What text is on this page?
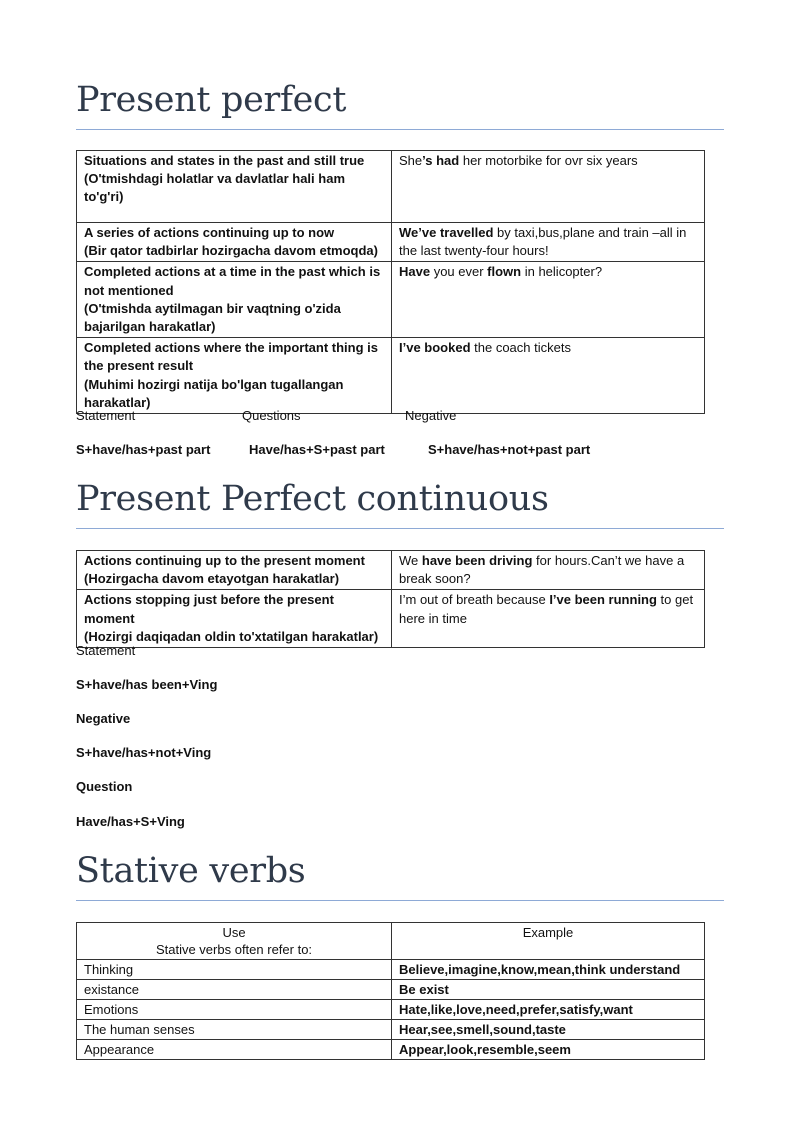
Present perfect
Situations and states in the past and still true
(O'tmishdagi holatlar va davlatlar hali ham to'g'ri)	She’s had her motorbike for ovr six years

A series of actions continuing up to now
(Bir qator tadbirlar hozirgacha davom etmoqda)	We’ve travelled by taxi,bus,plane and train –all in the last twenty-four hours!

Completed actions at a time in the past which is not mentioned
(O'tmishda aytilmagan bir vaqtning o'zida bajarilgan harakatlar)	Have you ever flown in helicopter?

Completed actions where the important thing is the present result
(Muhimi hozirgi natija bo'lgan tugallangan harakatlar)	I’ve booked the coach tickets
Statement	Questions	Negative
S+have/has+past part	Have/has+S+past part	S+have/has+not+past part
Present Perfect continuous
Actions continuing up to the present moment
(Hozirgacha davom etayotgan harakatlar)	We have been driving for hours.Can’t we have a break soon?

Actions stopping just before the present moment
(Hozirgi daqiqadan oldin to'xtatilgan harakatlar)	I’m out of breath because I’ve been running to get here in time

Statement

S+have/has been+Ving

Negative

S+have/has+not+Ving

Question

Have/has+S+Ving

Stative verbs
Use
Stative verbs often refer to:	Example
Thinking	Believe,imagine,know,mean,think understand
existance	Be exist
Emotions	Hate,like,love,need,prefer,satisfy,want
The human senses	Hear,see,smell,sound,taste
Appearance	Appear,look,resemble,seem
